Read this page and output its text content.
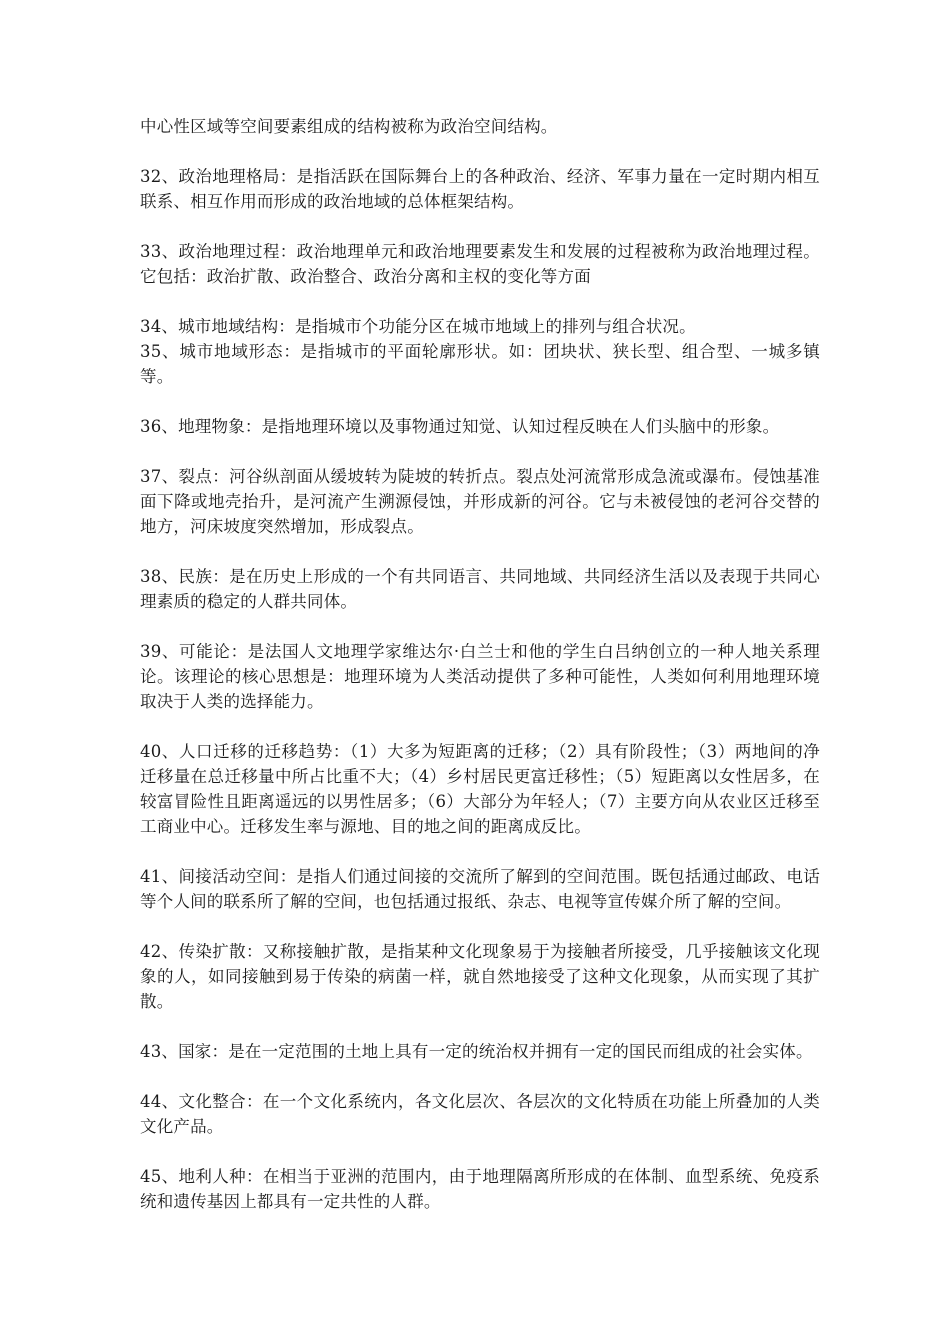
中心性区域等空间要素组成的结构被称为政治空间结构。

32、政治地理格局：是指活跃在国际舞台上的各种政治、经济、军事力量在一定时期内相互联系、相互作用而形成的政治地域的总体框架结构。

33、政治地理过程：政治地理单元和政治地理要素发生和发展的过程被称为政治地理过程。它包括：政治扩散、政治整合、政治分离和主权的变化等方面

34、城市地域结构：是指城市个功能分区在城市地域上的排列与组合状况。

35、城市地域形态：是指城市的平面轮廓形状。如：团块状、狭长型、组合型、一城多镇等。

36、地理物象：是指地理环境以及事物通过知觉、认知过程反映在人们头脑中的形象。

37、裂点：河谷纵剖面从缓坡转为陡坡的转折点。裂点处河流常形成急流或瀑布。侵蚀基准面下降或地壳抬升，是河流产生溯源侵蚀，并形成新的河谷。它与未被侵蚀的老河谷交替的地方，河床坡度突然增加，形成裂点。

38、民族：是在历史上形成的一个有共同语言、共同地域、共同经济生活以及表现于共同心理素质的稳定的人群共同体。

39、可能论：是法国人文地理学家维达尔·白兰士和他的学生白吕纳创立的一种人地关系理论。该理论的核心思想是：地理环境为人类活动提供了多种可能性，人类如何利用地理环境取决于人类的选择能力。

40、人口迁移的迁移趋势：（1）大多为短距离的迁移；（2）具有阶段性；（3）两地间的净迁移量在总迁移量中所占比重不大；（4）乡村居民更富迁移性；（5）短距离以女性居多，在较富冒险性且距离遥远的以男性居多；（6）大部分为年轻人；（7）主要方向从农业区迁移至工商业中心。迁移发生率与源地、目的地之间的距离成反比。

41、间接活动空间：是指人们通过间接的交流所了解到的空间范围。既包括通过邮政、电话等个人间的联系所了解的空间，也包括通过报纸、杂志、电视等宣传媒介所了解的空间。

42、传染扩散：又称接触扩散，是指某种文化现象易于为接触者所接受，几乎接触该文化现象的人，如同接触到易于传染的病菌一样，就自然地接受了这种文化现象，从而实现了其扩散。

43、国家：是在一定范围的土地上具有一定的统治权并拥有一定的国民而组成的社会实体。

44、文化整合：在一个文化系统内，各文化层次、各层次的文化特质在功能上所叠加的人类文化产品。

45、地利人种：在相当于亚洲的范围内，由于地理隔离所形成的在体制、血型系统、免疫系统和遗传基因上都具有一定共性的人群。
